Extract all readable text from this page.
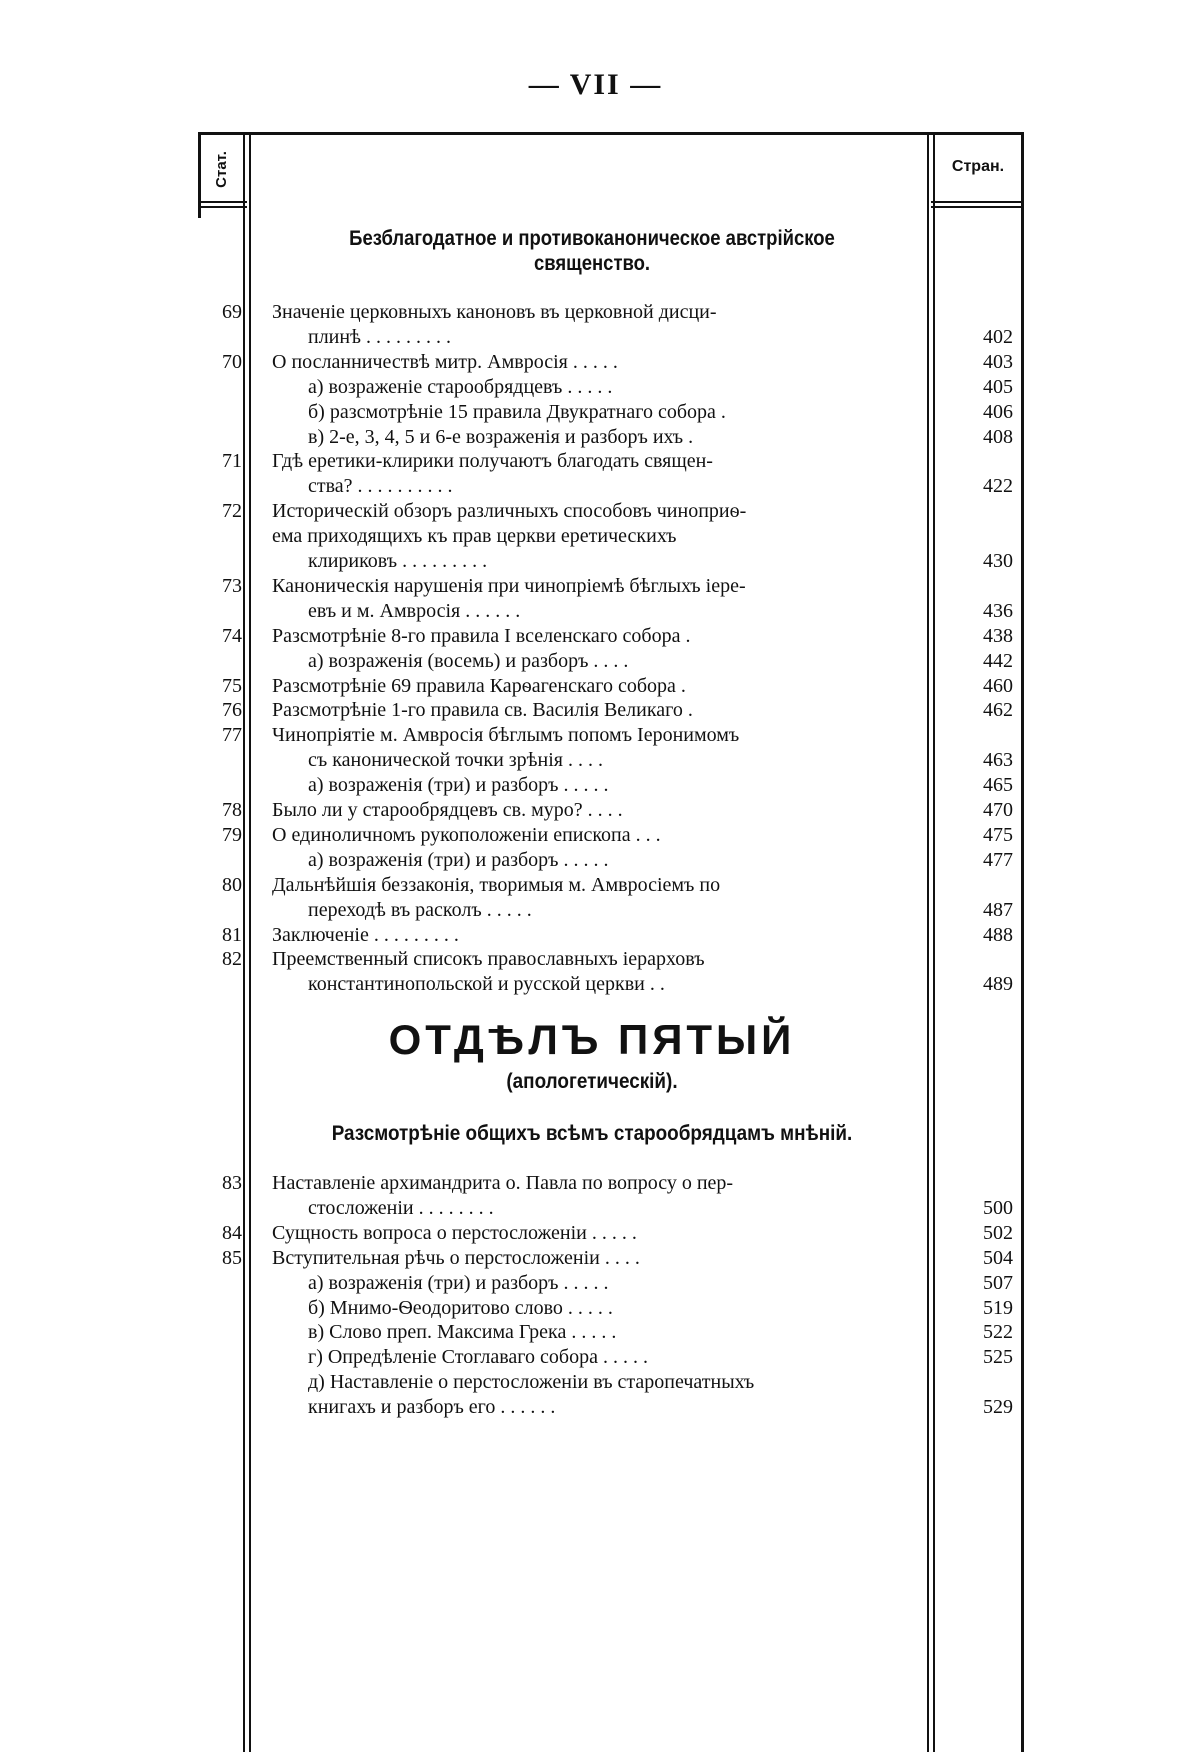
— VII —
Стат.	Стран.
Безблагодатное и противоканоническое австрійское священство.
69 Значеніе церковныхъ каноновъ въ церковной дисци-
плинѣ . . . . . . . . .	402
70 О посланничествѣ митр. Амвросія . . . . .	403
а) возраженіе старообрядцевъ . . . . .	405
б) разсмотрѣніе 15 правила Двукратнаго собора .	406
в) 2-е, 3, 4, 5 и 6-е возраженія и разборъ ихъ .	408
71 Гдѣ еретики-клирики получаютъ благодать священ-
ства? . . . . . . . . . .	422
72 Историческій обзоръ различныхъ способовъ чиноприѳ-
ема приходящихъ къ прав церкви еретическихъ
клириковъ . . . . . . . . .	430
73 Каноническія нарушенія при чинопріемѣ бѣглыхъ iере-
евъ и м. Амвросія . . . . . .	436
74 Разсмотрѣніе 8-го правила I вселенскаго собора .	438
а) возраженія (восемь) и разборъ . . . .	442
75 Разсмотрѣніе 69 правила Карѳагенскаго собора .	460
76 Разсмотрѣніе 1-го правила св. Василія Великаго .	462
77 Чинопріятіе м. Амвросія бѣглымъ попомъ Іеронимомъ
съ канонической точки зрѣнія . . . .	463
а) возраженія (три) и разборъ . . . . .	465
78 Было ли у старообрядцевъ св. муро? . . . .	470
79 О единоличномъ рукоположеніи епископа . . .	475
а) возраженія (три) и разборъ . . . . .	477
80 Дальнѣйшія беззаконія, творимыя м. Амвросіемъ по
переходѣ въ расколъ . . . . .	487
81 Заключеніе . . . . . . . . .	488
82 Преемственный списокъ православныхъ iерарховъ
константинопольской и русской церкви . .	489
ОТДѢЛЪ ПЯТЫЙ
(апологетическій).
Разсмотрѣніе общихъ всѣмъ старообрядцамъ мнѣній.
83 Наставленіе архимандрита о. Павла по вопросу о пер-
стосложеніи . . . . . . . .	500
84 Сущность вопроса о перстосложеніи . . . . .	502
85 Вступительная рѣчь о перстосложеніи . . . .	504
а) возраженія (три) и разборъ . . . . .	507
б) Мнимо-Ѳеодоритово слово . . . . .	519
в) Слово преп. Максима Грека . . . . .	522
г) Опредѣленіе Стоглаваго собора . . . . .	525
д) Наставленіе о перстосложеніи въ старопечатныхъ
книгахъ и разборъ его . . . . . .	529
